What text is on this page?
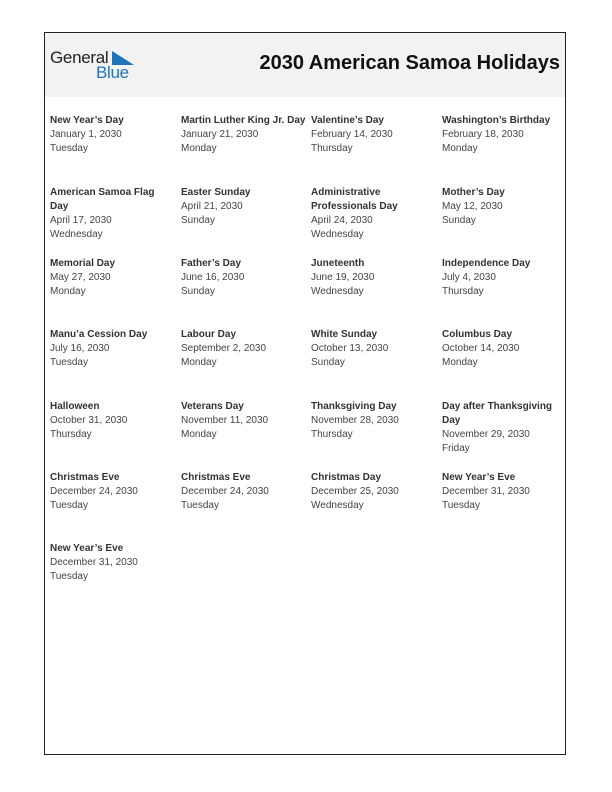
General
Blue	2030 American Samoa Holidays
New Year’s Day
January 1, 2030
Tuesday
Martin Luther King Jr. Day
January 21, 2030
Monday
Valentine’s Day
February 14, 2030
Thursday
Washington’s Birthday
February 18, 2030
Monday
American Samoa Flag Day
April 17, 2030
Wednesday
Easter Sunday
April 21, 2030
Sunday
Administrative Professionals Day
April 24, 2030
Wednesday
Mother’s Day
May 12, 2030
Sunday
Memorial Day
May 27, 2030
Monday
Father’s Day
June 16, 2030
Sunday
Juneteenth
June 19, 2030
Wednesday
Independence Day
July 4, 2030
Thursday
Manu’a Cession Day
July 16, 2030
Tuesday
Labour Day
September 2, 2030
Monday
White Sunday
October 13, 2030
Sunday
Columbus Day
October 14, 2030
Monday
Halloween
October 31, 2030
Thursday
Veterans Day
November 11, 2030
Monday
Thanksgiving Day
November 28, 2030
Thursday
Day after Thanksgiving Day
November 29, 2030
Friday
Christmas Eve
December 24, 2030
Tuesday
Christmas Eve
December 24, 2030
Tuesday
Christmas Day
December 25, 2030
Wednesday
New Year’s Eve
December 31, 2030
Tuesday
New Year’s Eve
December 31, 2030
Tuesday
